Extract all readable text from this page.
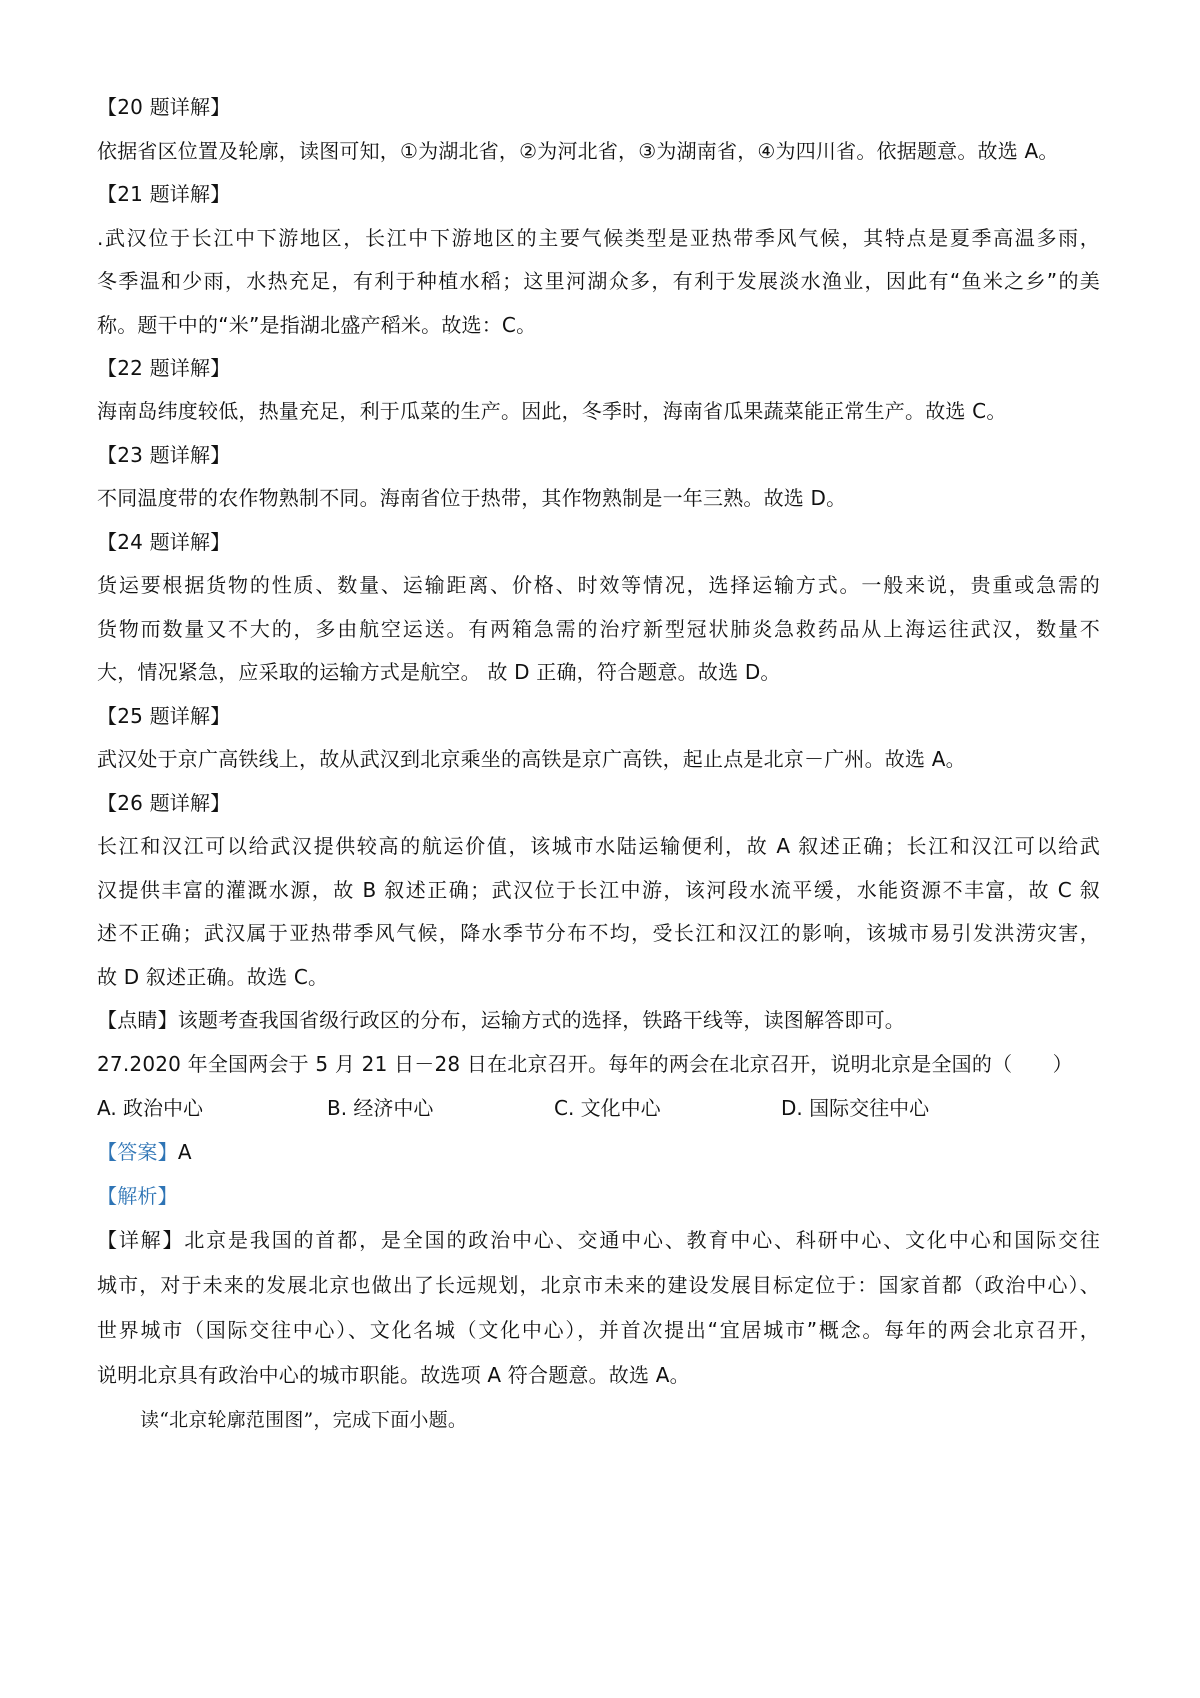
【20 题详解】
依据省区位置及轮廓，读图可知，①为湖北省，②为河北省，③为湖南省，④为四川省。依据题意。故选 A。
【21 题详解】
.武汉位于长江中下游地区，长江中下游地区的主要气候类型是亚热带季风气候，其特点是夏季高温多雨，
冬季温和少雨，水热充足，有利于种植水稻；这里河湖众多，有利于发展淡水渔业，因此有“鱼米之乡”的美
称。题干中的“米”是指湖北盛产稻米。故选：C。
【22 题详解】
海南岛纬度较低，热量充足，利于瓜菜的生产。因此，冬季时，海南省瓜果蔬菜能正常生产。故选 C。
【23 题详解】
不同温度带的农作物熟制不同。海南省位于热带，其作物熟制是一年三熟。故选 D。
【24 题详解】
货运要根据货物的性质、数量、运输距离、价格、时效等情况，选择运输方式。一般来说，贵重或急需的
货物而数量又不大的，多由航空运送。有两箱急需的治疗新型冠状肺炎急救药品从上海运往武汉，数量不
大，情况紧急，应采取的运输方式是航空。 故 D 正确，符合题意。故选 D。
【25 题详解】
武汉处于京广高铁线上，故从武汉到北京乘坐的高铁是京广高铁，起止点是北京－广州。故选 A。
【26 题详解】
长江和汉江可以给武汉提供较高的航运价值，该城市水陆运输便利，故 A 叙述正确；长江和汉江可以给武
汉提供丰富的灌溉水源，故 B 叙述正确；武汉位于长江中游，该河段水流平缓，水能资源不丰富，故 C 叙
述不正确；武汉属于亚热带季风气候，降水季节分布不均，受长江和汉江的影响，该城市易引发洪涝灾害，
故 D 叙述正确。故选 C。
【点睛】该题考查我国省级行政区的分布，运输方式的选择，铁路干线等，读图解答即可。
27.2020 年全国两会于 5 月 21 日－28 日在北京召开。每年的两会在北京召开，说明北京是全国的（　　）
A. 政治中心	B. 经济中心	C. 文化中心	D. 国际交往中心
【答案】A
【解析】
【详解】北京是我国的首都，是全国的政治中心、交通中心、教育中心、科研中心、文化中心和国际交往
城市，对于未来的发展北京也做出了长远规划，北京市未来的建设发展目标定位于：国家首都（政治中心）、
世界城市（国际交往中心）、文化名城（文化中心），并首次提出“宜居城市”概念。每年的两会北京召开，
说明北京具有政治中心的城市职能。故选项 A 符合题意。故选 A。
读“北京轮廓范围图”，完成下面小题。
